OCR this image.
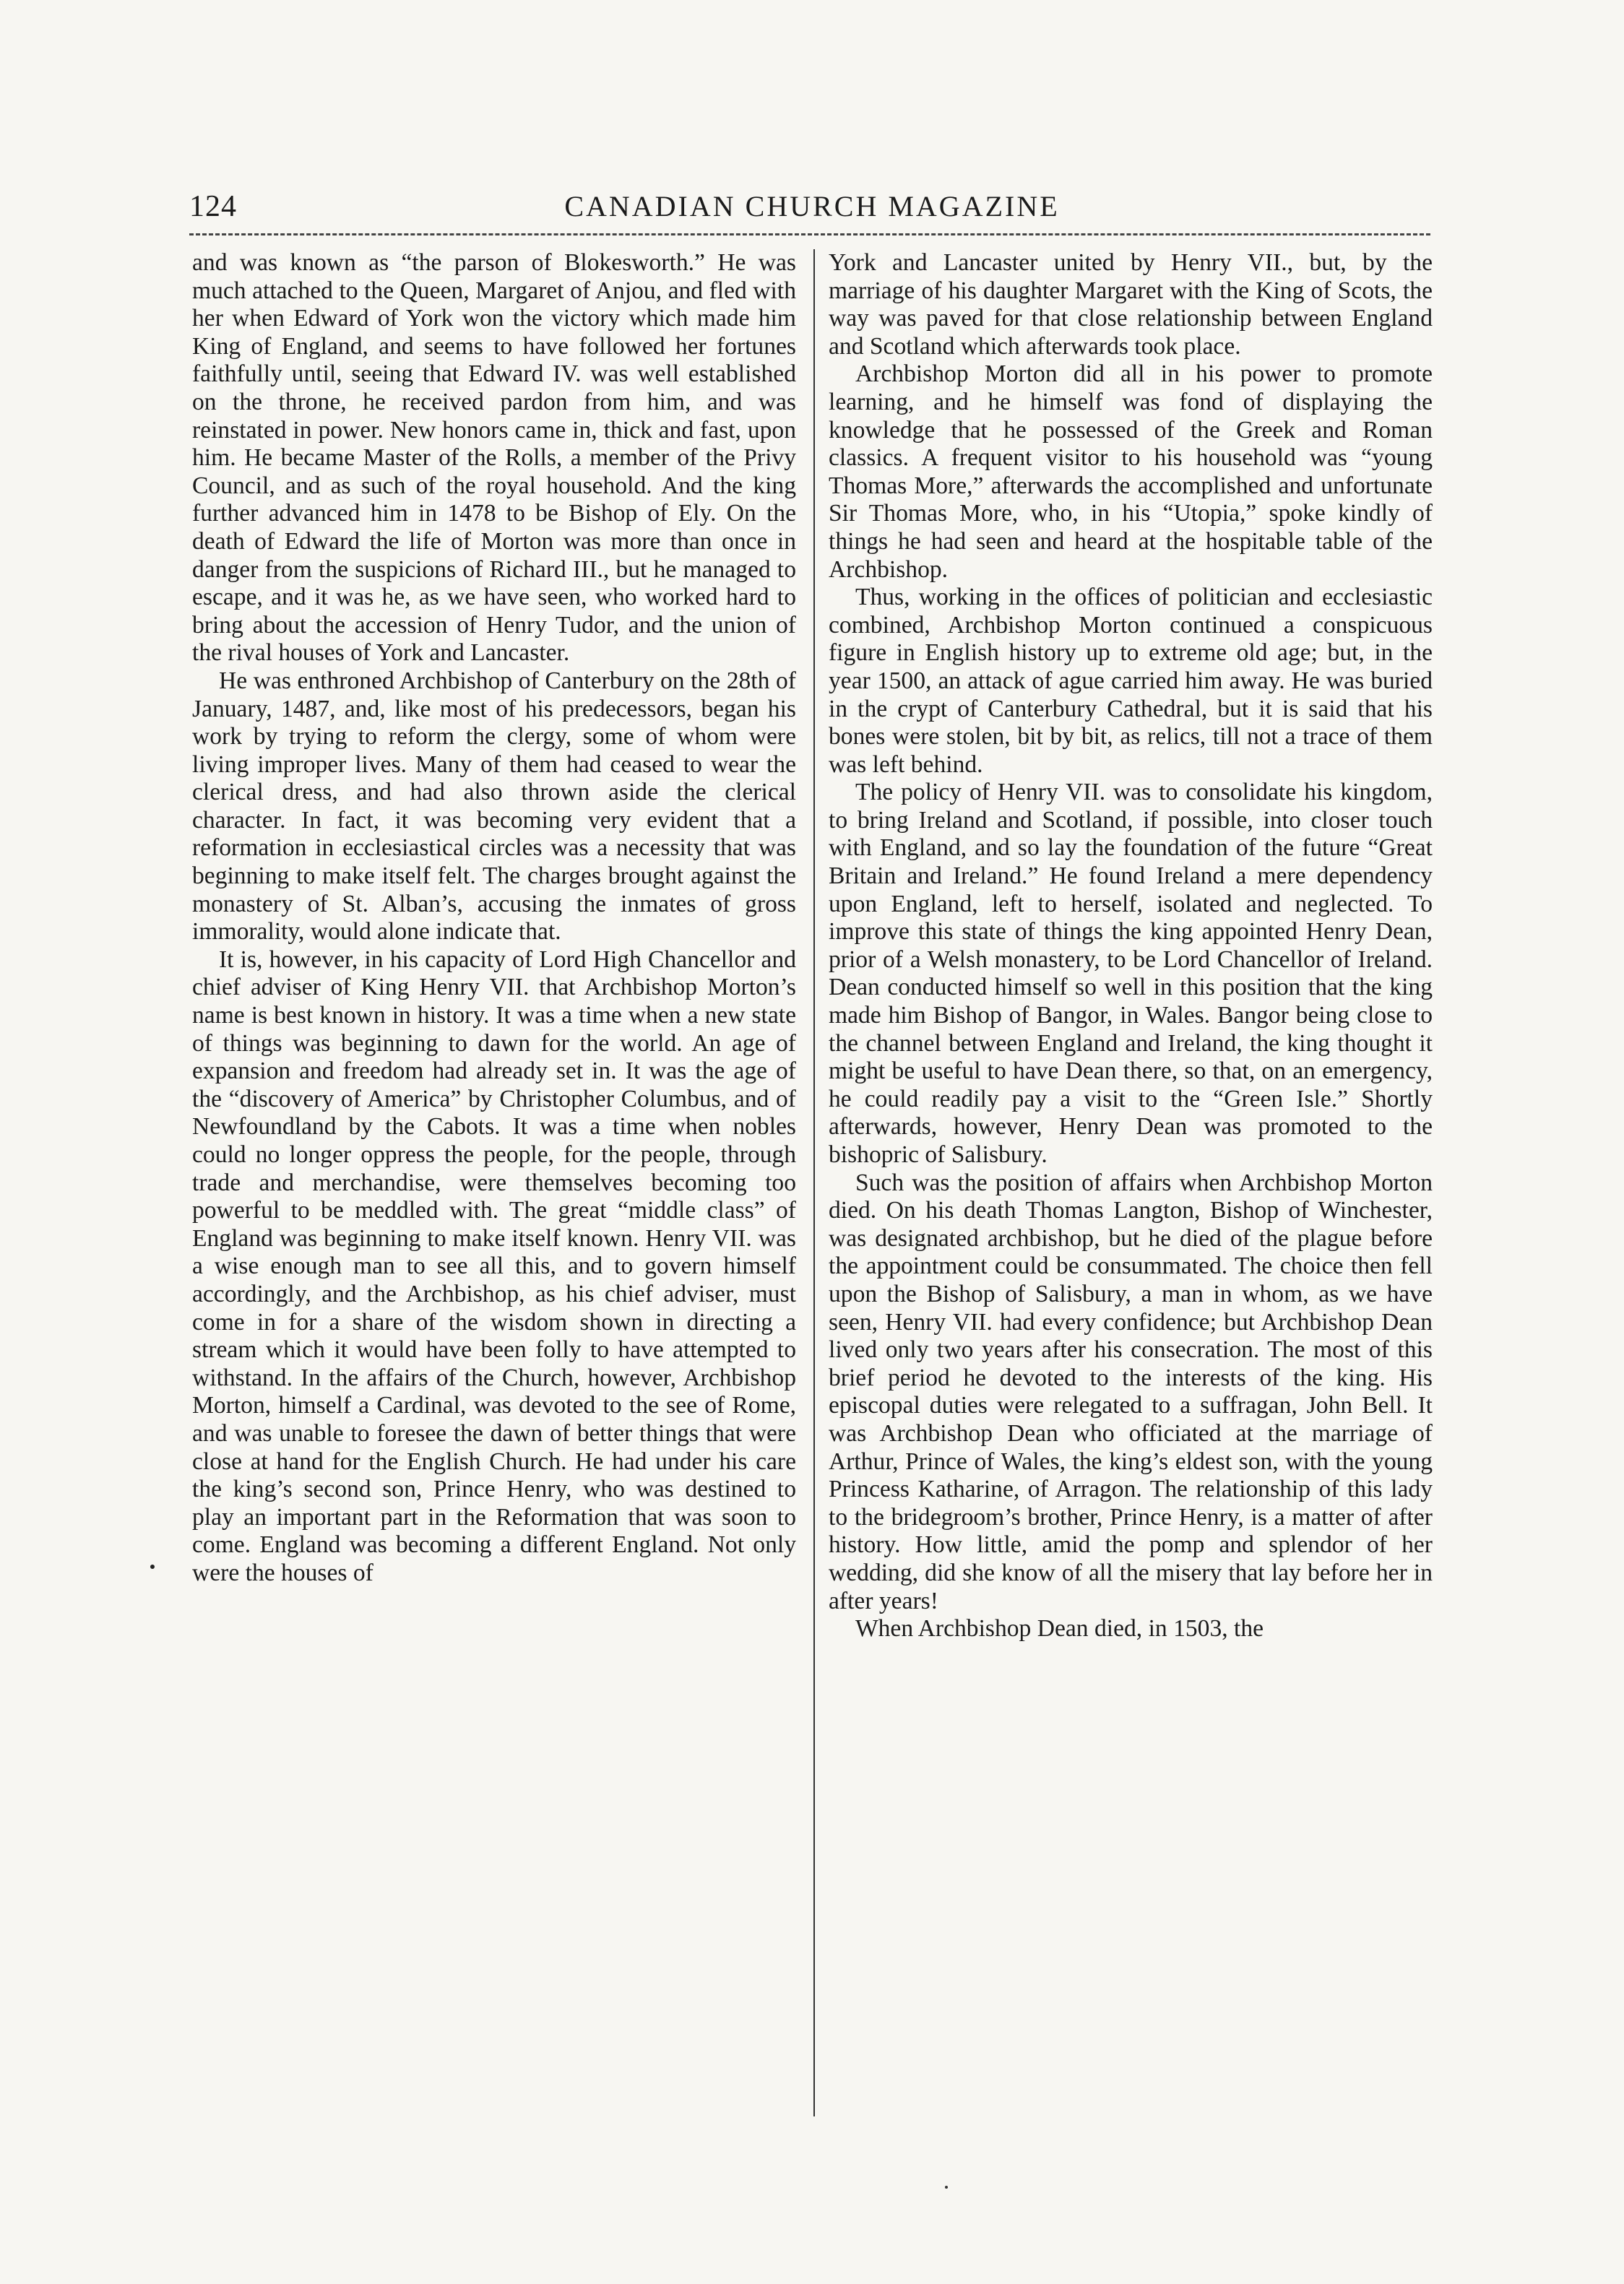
124	CANADIAN CHURCH MAGAZINE

and was known as “the parson of Blokesworth.” He was much attached to the Queen, Margaret of Anjou, and fled with her when Edward of York won the victory which made him King of England, and seems to have followed her fortunes faithfully until, seeing that Edward IV. was well established on the throne, he received pardon from him, and was reinstated in power. New honors came in, thick and fast, upon him. He became Master of the Rolls, a member of the Privy Council, and as such of the royal household. And the king further advanced him in 1478 to be Bishop of Ely. On the death of Edward the life of Morton was more than once in danger from the suspicions of Richard III., but he managed to escape, and it was he, as we have seen, who worked hard to bring about the accession of Henry Tudor, and the union of the rival houses of York and Lancaster.

He was enthroned Archbishop of Canterbury on the 28th of January, 1487, and, like most of his predecessors, began his work by trying to reform the clergy, some of whom were living improper lives. Many of them had ceased to wear the clerical dress, and had also thrown aside the clerical character. In fact, it was becoming very evident that a reformation in ecclesiastical circles was a necessity that was beginning to make itself felt. The charges brought against the monastery of St. Alban’s, accusing the inmates of gross immorality, would alone indicate that.

It is, however, in his capacity of Lord High Chancellor and chief adviser of King Henry VII. that Archbishop Morton’s name is best known in history. It was a time when a new state of things was beginning to dawn for the world. An age of expansion and freedom had already set in. It was the age of the “discovery of America” by Christopher Columbus, and of Newfoundland by the Cabots. It was a time when nobles could no longer oppress the people, for the people, through trade and merchandise, were themselves becoming too powerful to be meddled with. The great “middle class” of England was beginning to make itself known. Henry VII. was a wise enough man to see all this, and to govern himself accordingly, and the Archbishop, as his chief adviser, must come in for a share of the wisdom shown in directing a stream which it would have been folly to have attempted to withstand. In the affairs of the Church, however, Archbishop Morton, himself a Cardinal, was devoted to the see of Rome, and was unable to foresee the dawn of better things that were close at hand for the English Church. He had under his care the king’s second son, Prince Henry, who was destined to play an important part in the Reformation that was soon to come. England was becoming a different England. Not only were the houses of

York and Lancaster united by Henry VII., but, by the marriage of his daughter Margaret with the King of Scots, the way was paved for that close relationship between England and Scotland which afterwards took place.

Archbishop Morton did all in his power to promote learning, and he himself was fond of displaying the knowledge that he possessed of the Greek and Roman classics. A frequent visitor to his household was “young Thomas More,” afterwards the accomplished and unfortunate Sir Thomas More, who, in his “Utopia,” spoke kindly of things he had seen and heard at the hospitable table of the Archbishop.

Thus, working in the offices of politician and ecclesiastic combined, Archbishop Morton continued a conspicuous figure in English history up to extreme old age; but, in the year 1500, an attack of ague carried him away. He was buried in the crypt of Canterbury Cathedral, but it is said that his bones were stolen, bit by bit, as relics, till not a trace of them was left behind.

The policy of Henry VII. was to consolidate his kingdom, to bring Ireland and Scotland, if possible, into closer touch with England, and so lay the foundation of the future “Great Britain and Ireland.” He found Ireland a mere dependency upon England, left to herself, isolated and neglected. To improve this state of things the king appointed Henry Dean, prior of a Welsh monastery, to be Lord Chancellor of Ireland. Dean conducted himself so well in this position that the king made him Bishop of Bangor, in Wales. Bangor being close to the channel between England and Ireland, the king thought it might be useful to have Dean there, so that, on an emergency, he could readily pay a visit to the “Green Isle.” Shortly afterwards, however, Henry Dean was promoted to the bishopric of Salisbury.

Such was the position of affairs when Archbishop Morton died. On his death Thomas Langton, Bishop of Winchester, was designated archbishop, but he died of the plague before the appointment could be consummated. The choice then fell upon the Bishop of Salisbury, a man in whom, as we have seen, Henry VII. had every confidence; but Archbishop Dean lived only two years after his consecration. The most of this brief period he devoted to the interests of the king. His episcopal duties were relegated to a suffragan, John Bell. It was Archbishop Dean who officiated at the marriage of Arthur, Prince of Wales, the king’s eldest son, with the young Princess Katharine, of Arragon. The relationship of this lady to the bridegroom’s brother, Prince Henry, is a matter of after history. How little, amid the pomp and splendor of her wedding, did she know of all the misery that lay before her in after years!

When Archbishop Dean died, in 1503, the
